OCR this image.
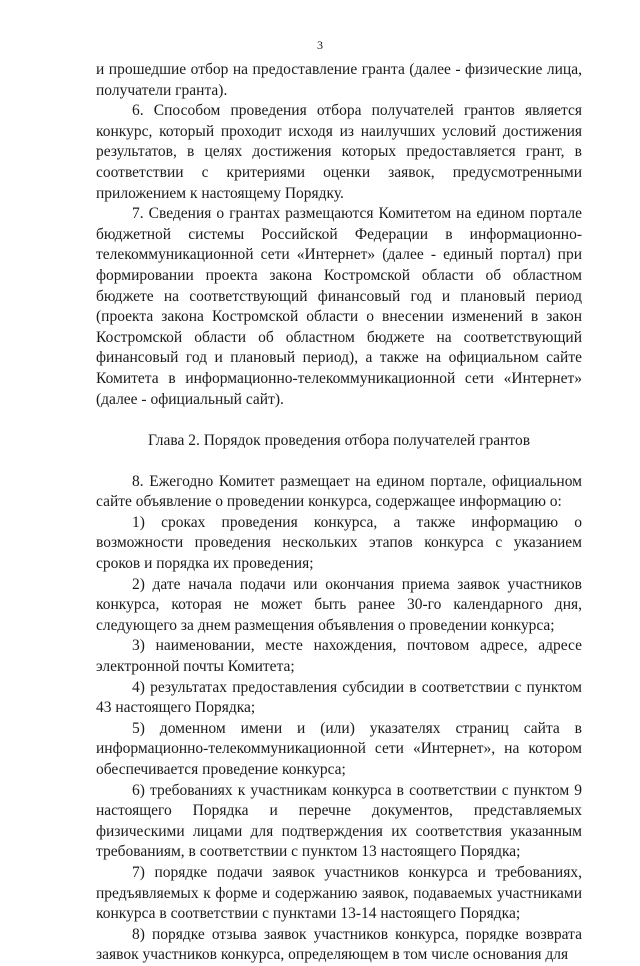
3

и прошедшие отбор на предоставление гранта (далее - физические лица, получатели гранта).

6. Способом проведения отбора получателей грантов является конкурс, который проходит исходя из наилучших условий достижения результатов, в целях достижения которых предоставляется грант, в соответствии с критериями оценки заявок, предусмотренными приложением к настоящему Порядку.

7. Сведения о грантах размещаются Комитетом на едином портале бюджетной системы Российской Федерации в информационно-телекоммуникационной сети «Интернет» (далее - единый портал) при формировании проекта закона Костромской области об областном бюджете на соответствующий финансовый год и плановый период (проекта закона Костромской области о внесении изменений в закон Костромской области об областном бюджете на соответствующий финансовый год и плановый период), а также на официальном сайте Комитета в информационно-телекоммуникационной сети «Интернет» (далее - официальный сайт).

Глава 2. Порядок проведения отбора получателей грантов

8. Ежегодно Комитет размещает на едином портале, официальном сайте объявление о проведении конкурса, содержащее информацию о:

1) сроках проведения конкурса, а также информацию о возможности проведения нескольких этапов конкурса с указанием сроков и порядка их проведения;

2) дате начала подачи или окончания приема заявок участников конкурса, которая не может быть ранее 30-го календарного дня, следующего за днем размещения объявления о проведении конкурса;

3) наименовании, месте нахождения, почтовом адресе, адресе электронной почты Комитета;

4) результатах предоставления субсидии в соответствии с пунктом 43 настоящего Порядка;

5) доменном имени и (или) указателях страниц сайта в информационно-телекоммуникационной сети «Интернет», на котором обеспечивается проведение конкурса;

6) требованиях к участникам конкурса в соответствии с пунктом 9 настоящего Порядка и перечне документов, представляемых физическими лицами для подтверждения их соответствия указанным требованиям, в соответствии с пунктом 13 настоящего Порядка;

7) порядке подачи заявок участников конкурса и требованиях, предъявляемых к форме и содержанию заявок, подаваемых участниками конкурса в соответствии с пунктами 13-14 настоящего Порядка;

8) порядке отзыва заявок участников конкурса, порядке возврата заявок участников конкурса, определяющем в том числе основания для
